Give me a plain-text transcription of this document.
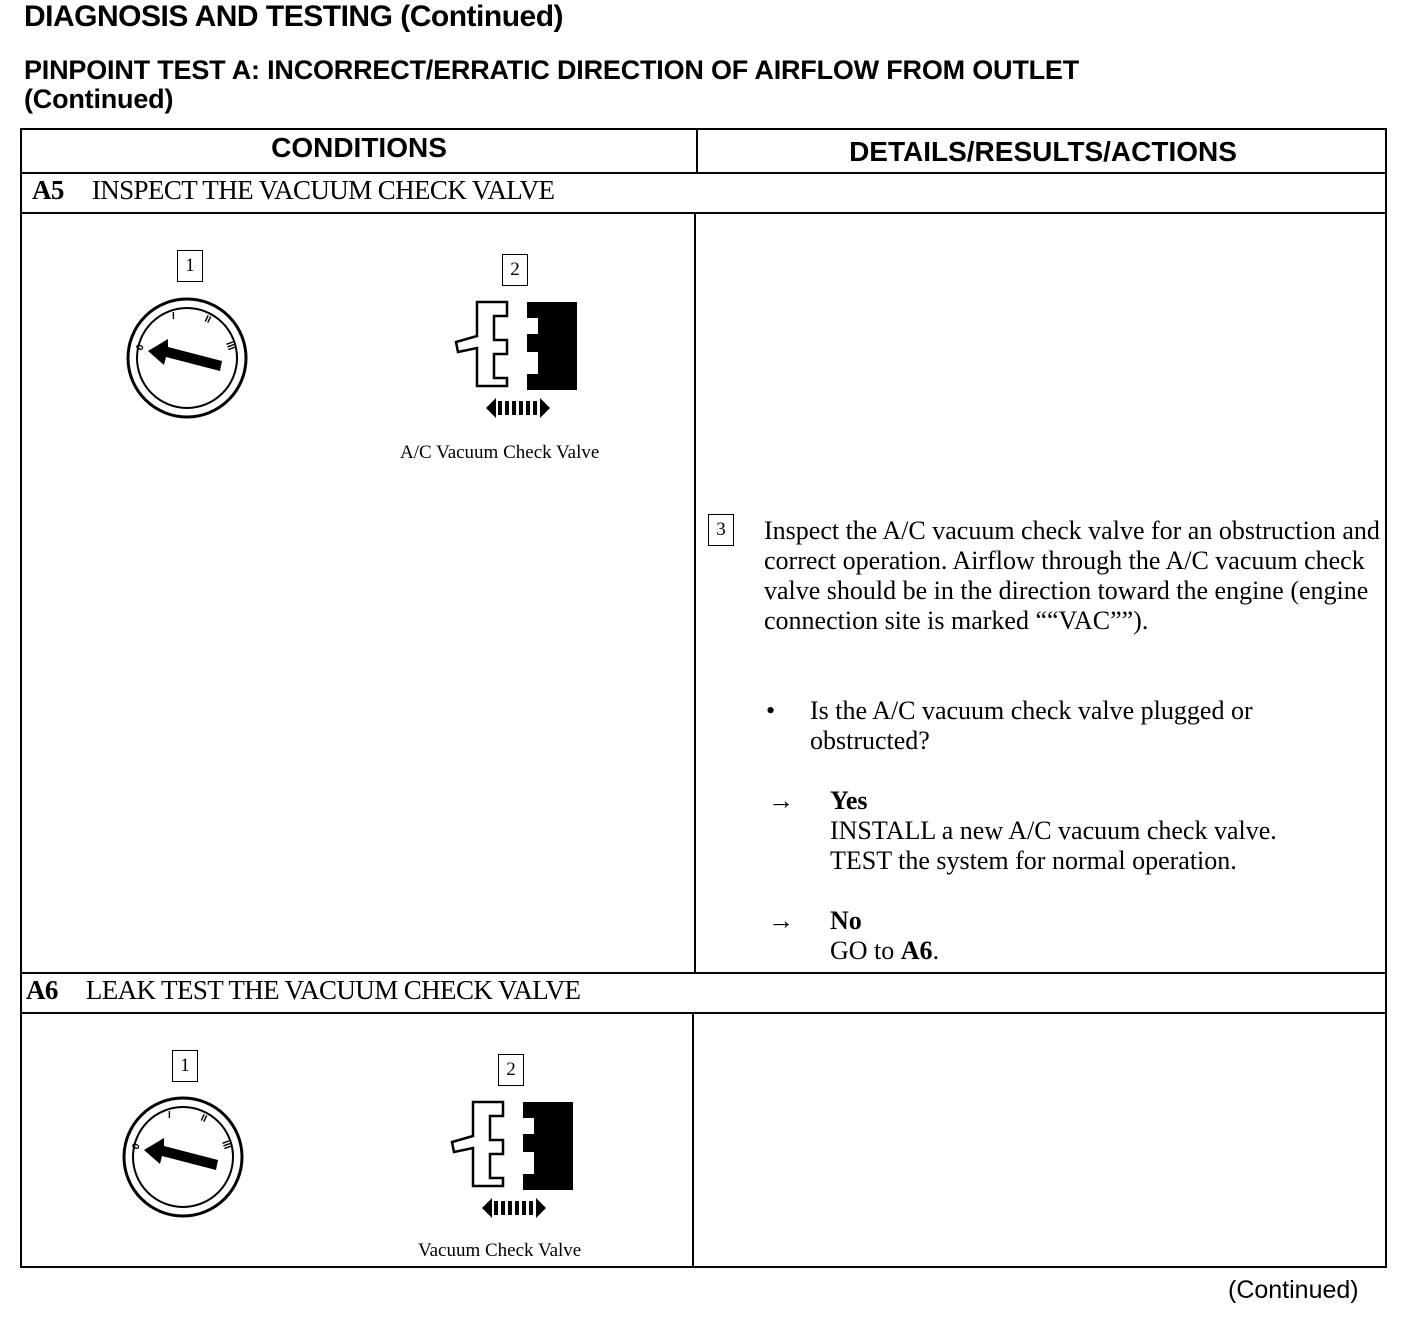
DIAGNOSIS AND TESTING (Continued)
PINPOINT TEST A: INCORRECT/ERRATIC DIRECTION OF AIRFLOW FROM OUTLET
(Continued)
CONDITIONS	DETAILS/RESULTS/ACTIONS
A5 INSPECT THE VACUUM CHECK VALVE
1
0
I	II
III
2
A/C Vacuum Check Valve
3	Inspect the A/C vacuum check valve for an obstruction and correct operation. Airflow through the A/C vacuum check valve should be in the direction toward the engine (engine connection site is marked ““VAC””).
• Is the A/C vacuum check valve plugged or obstructed?
→ Yes
INSTALL a new A/C vacuum check valve.
TEST the system for normal operation.
→ No
GO to A6.
A6 LEAK TEST THE VACUUM CHECK VALVE
1
0
I	II
III
2
Vacuum Check Valve
(Continued)
